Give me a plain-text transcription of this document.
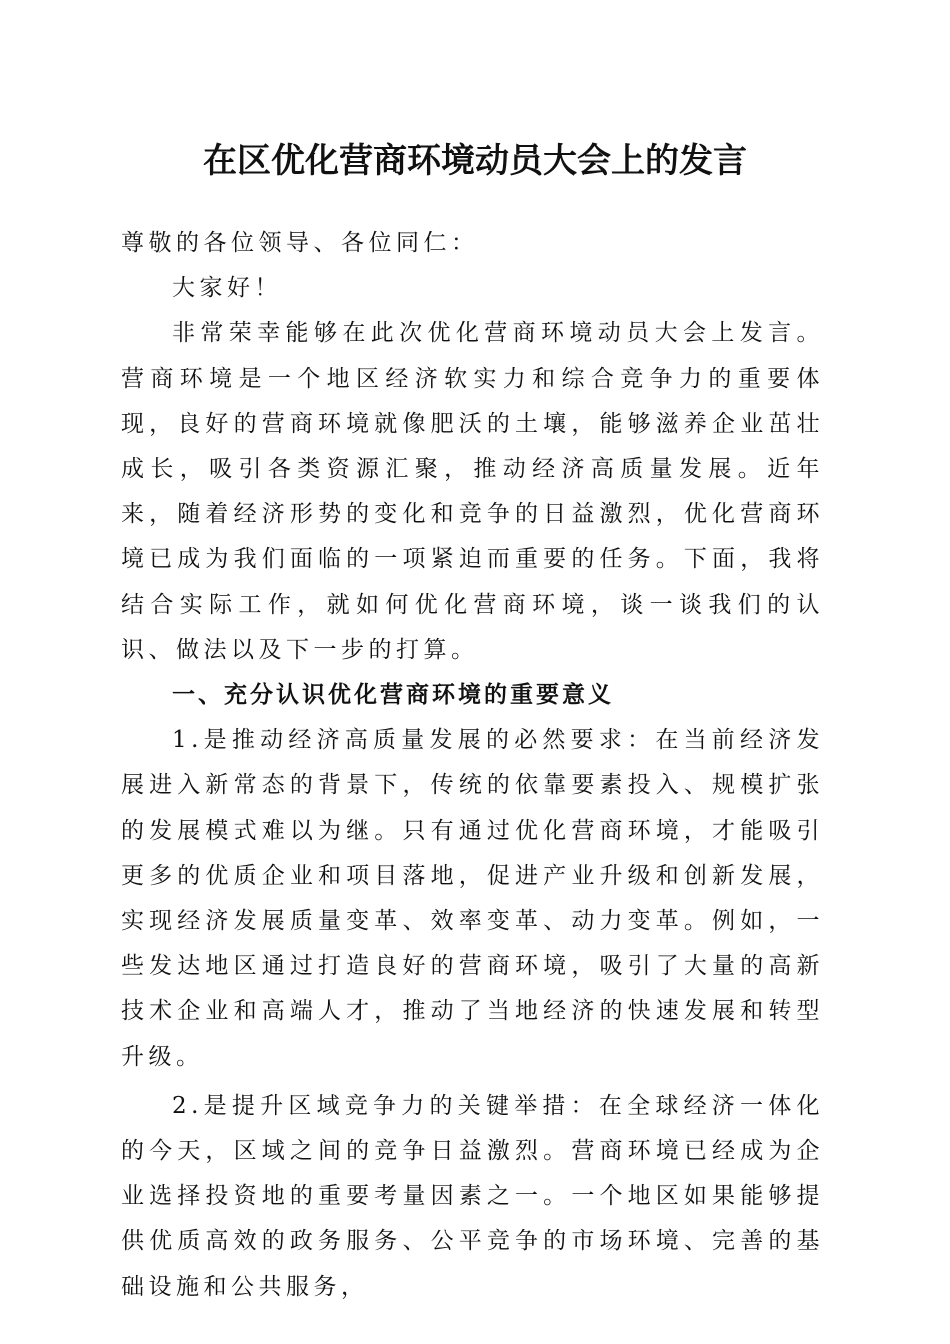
在区优化营商环境动员大会上的发言

尊敬的各位领导、各位同仁：

大家好！

非常荣幸能够在此次优化营商环境动员大会上发言。营商环境是一个地区经济软实力和综合竞争力的重要体现，良好的营商环境就像肥沃的土壤，能够滋养企业茁壮成长，吸引各类资源汇聚，推动经济高质量发展。近年来，随着经济形势的变化和竞争的日益激烈，优化营商环境已成为我们面临的一项紧迫而重要的任务。下面，我将结合实际工作，就如何优化营商环境，谈一谈我们的认识、做法以及下一步的打算。

一、充分认识优化营商环境的重要意义

1.是推动经济高质量发展的必然要求：在当前经济发展进入新常态的背景下，传统的依靠要素投入、规模扩张的发展模式难以为继。只有通过优化营商环境，才能吸引更多的优质企业和项目落地，促进产业升级和创新发展，实现经济发展质量变革、效率变革、动力变革。例如，一些发达地区通过打造良好的营商环境，吸引了大量的高新技术企业和高端人才，推动了当地经济的快速发展和转型升级。

2.是提升区域竞争力的关键举措：在全球经济一体化的今天，区域之间的竞争日益激烈。营商环境已经成为企业选择投资地的重要考量因素之一。一个地区如果能够提供优质高效的政务服务、公平竞争的市场环境、完善的基础设施和公共服务，
